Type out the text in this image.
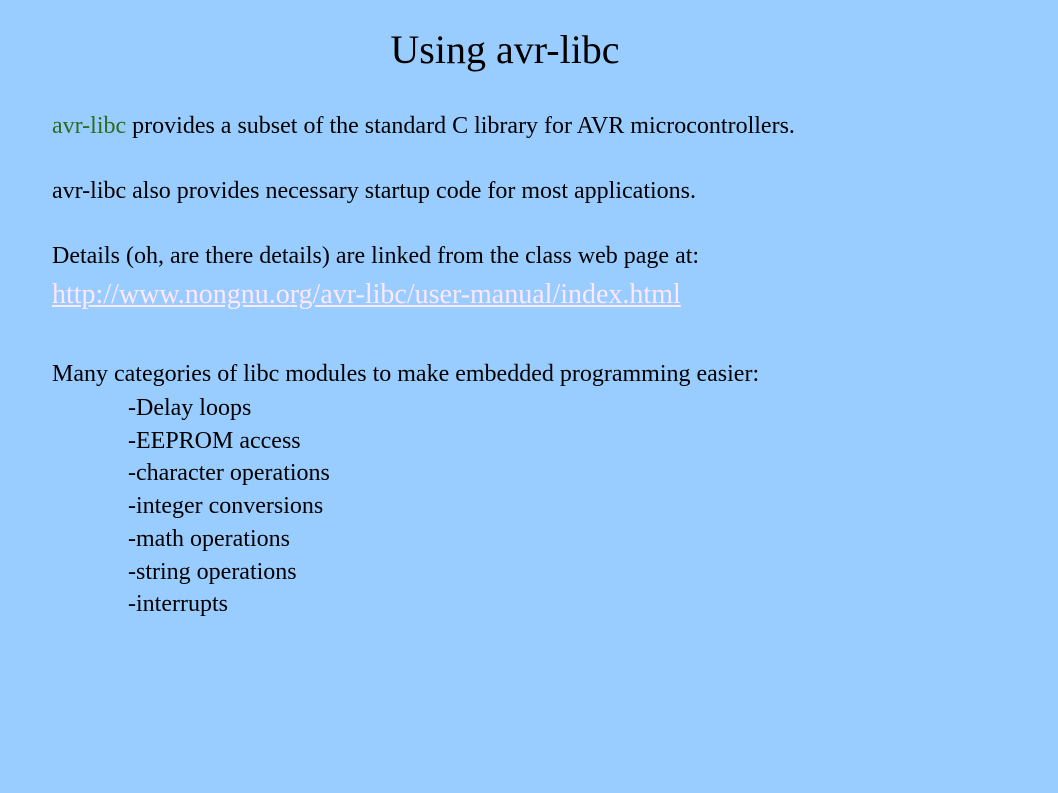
Using avr-libc

avr-libc provides a subset of the standard C library for AVR microcontrollers.

avr-libc also provides necessary startup code for most applications.

Details (oh, are there details) are linked from the class web page at:

http://www.nongnu.org/avr-libc/user-manual/index.html

Many categories of libc modules to make embedded programming easier:

-Delay loops
-EEPROM access
-character operations
-integer conversions
-math operations
-string operations
-interrupts
